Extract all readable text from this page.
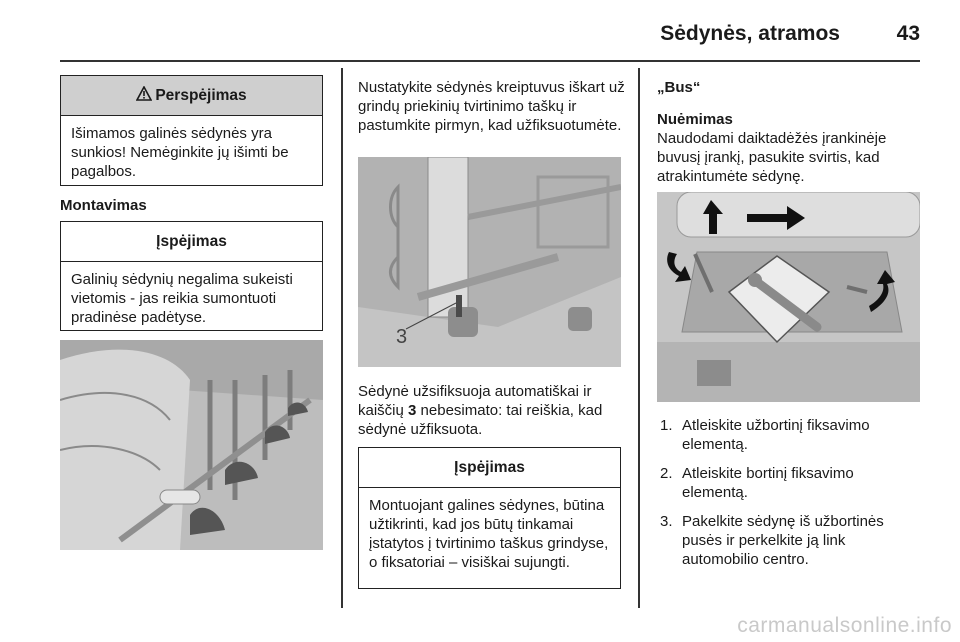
Sėdynės, atramos	43
Perspėjimas
Išimamos galinės sėdynės yra sunkios! Nemėginkite jų išimti be pagalbos.
Montavimas
Įspėjimas
Galinių sėdynių negalima sukeisti vietomis - jas reikia sumontuoti pradinėse padėtyse.
Nustatykite sėdynės kreiptuvus iškart už grindų priekinių tvirtinimo taškų ir pastumkite pirmyn, kad užfiksuotumėte.
3
Sėdynė užsifiksuoja automatiškai ir kaiščių 3 nebesimato: tai reiškia, kad sėdynė užfiksuota.
Įspėjimas
Montuojant galines sėdynes, būtina užtikrinti, kad jos būtų tinkamai įstatytos į tvirtinimo taškus grindyse, o fiksatoriai – visiškai sujungti.
„Bus“
Nuėmimas
Naudodami daiktadėžės įrankinėje buvusį įrankį, pasukite svirtis, kad atrakintumėte sėdynę.
1. Atleiskite užbortinį fiksavimo elementą.
2. Atleiskite bortinį fiksavimo elementą.
3. Pakelkite sėdynę iš užbortinės pusės ir perkelkite ją link automobilio centro.
carmanualsonline.info
